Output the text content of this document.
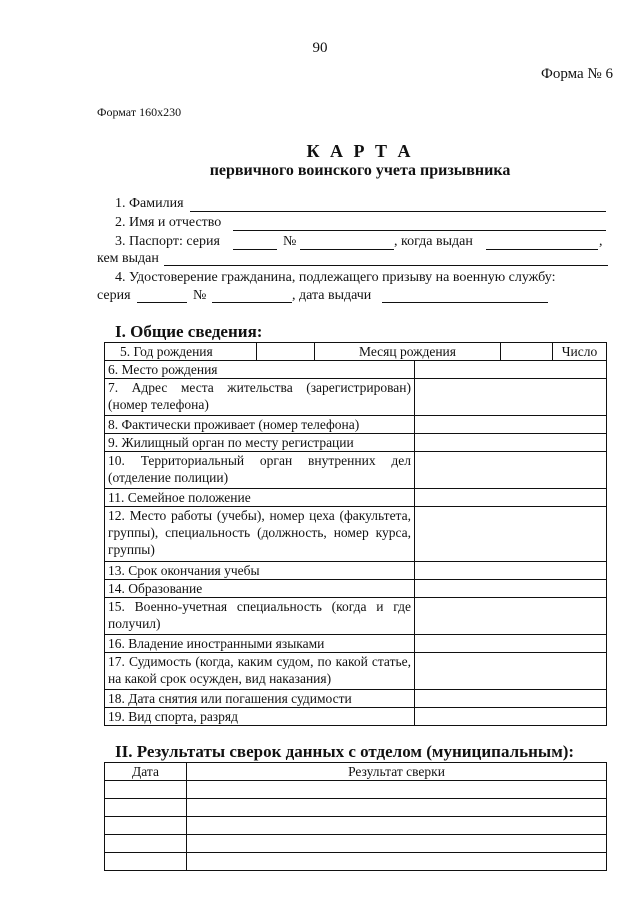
90
Форма № 6
Формат 160x230
К А Р Т А
первичного воинского учета призывника
1. Фамилия
2. Имя и отчество
3. Паспорт: серия	№	, когда выдан	,
кем выдан
4. Удостоверение гражданина, подлежащего призыву на военную службу:
серия	№	, дата выдачи
I. Общие сведения:
5. Год рождения		Месяц рождения		Число
6. Место рождения	
7. Адрес места жительства (зарегистрирован) (номер телефона)	
8. Фактически проживает (номер телефона)	
9. Жилищный орган по месту регистрации	
10. Территориальный орган внутренних дел (отделение полиции)	
11. Семейное положение	
12. Место работы (учебы), номер цеха (факультета, группы), специальность (должность, номер курса, группы)	
13. Срок окончания учебы	
14. Образование	
15. Военно-учетная специальность (когда и где получил)	
16. Владение иностранными языками	
17. Судимость (когда, каким судом, по какой статье, на какой срок осужден, вид наказания)	
18. Дата снятия или погашения судимости	
19. Вид спорта, разряд	
II. Результаты сверок данных с отделом (муниципальным):
Дата	Результат сверки
